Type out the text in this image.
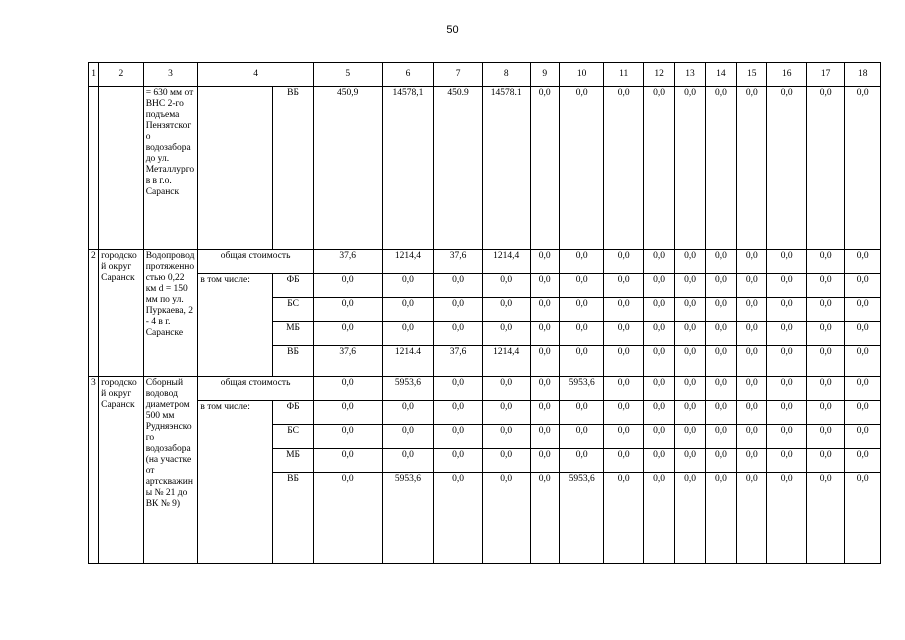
50
1	2	3	4		5	6	7	8	9	10	11	12	13	14	15	16	17	18
		= 630 мм от ВНС 2-го подъема Пензятского водозабора до ул. Металлургов в г.о. Саранск		ВБ	450,9	14578,1	450.9	14578.1	0,0	0,0	0,0	0,0	0,0	0,0	0,0	0,0	0,0	0,0
2	городской округ Саранск	Водопровод протяженностью 0,22 км d = 150 мм по ул. Пуркаева, 2 - 4 в г. Саранске	общая стоимость		37,6	1214,4	37,6	1214,4	0,0	0,0	0,0	0,0	0,0	0,0	0,0	0,0	0,0	0,0
			в том числе:	ФБ	0,0	0,0	0,0	0,0	0,0	0,0	0,0	0,0	0,0	0,0	0,0	0,0	0,0	0,0
				БС	0,0	0,0	0,0	0,0	0,0	0,0	0,0	0,0	0,0	0,0	0,0	0,0	0,0	0,0
				МБ	0,0	0,0	0,0	0,0	0,0	0,0	0,0	0,0	0,0	0,0	0,0	0,0	0,0	0,0
				ВБ	37,6	1214.4	37,6	1214,4	0,0	0,0	0,0	0,0	0,0	0,0	0,0	0,0	0,0	0,0
3	городской округ Саранск	Сборный водовод диаметром 500 мм Рудняэнского водозабора (на участке от артскважины № 21 до ВК № 9)	общая стоимость		0,0	5953,6	0,0	0,0	0,0	5953,6	0,0	0,0	0,0	0,0	0,0	0,0	0,0	0,0
			в том числе:	ФБ	0,0	0,0	0,0	0,0	0,0	0,0	0,0	0,0	0,0	0,0	0,0	0,0	0,0	0,0
				БС	0,0	0,0	0,0	0,0	0,0	0,0	0,0	0,0	0,0	0,0	0,0	0,0	0,0	0,0
				МБ	0,0	0,0	0,0	0,0	0,0	0,0	0,0	0,0	0,0	0,0	0,0	0,0	0,0	0,0
				ВБ	0,0	5953,6	0,0	0,0	0,0	5953,6	0,0	0,0	0,0	0,0	0,0	0,0	0,0	0,0
